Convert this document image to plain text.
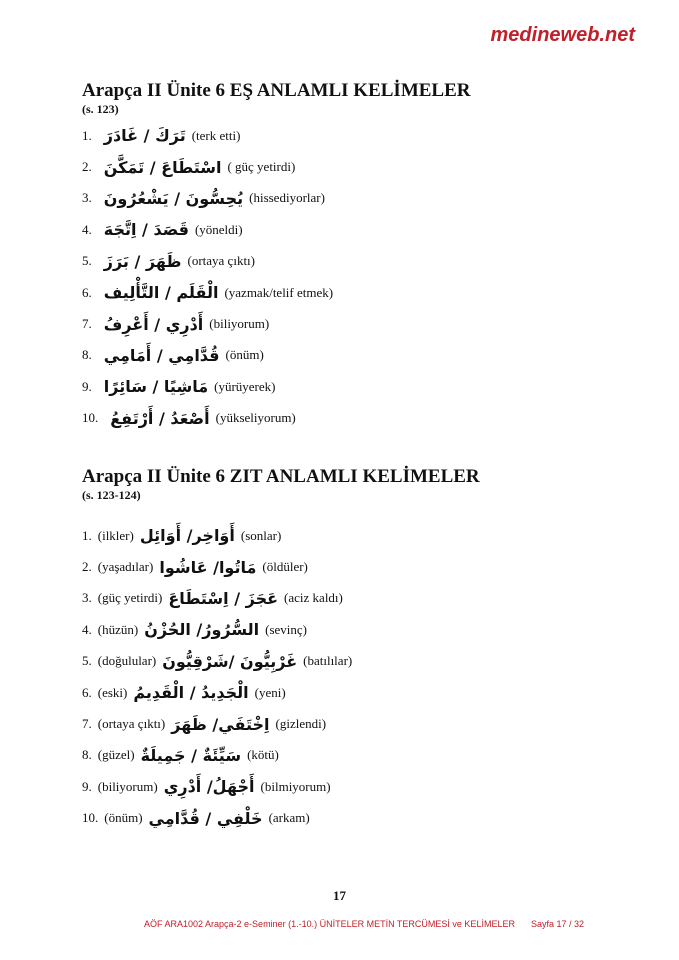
medineweb.net
Arapça II Ünite 6 EŞ ANLAMLI KELİMELER
(s. 123)
1. تَرَكَ / غَادَرَ (terk etti)
2. اسْتَطَاعَ / تَمَكَّنَ ( güç yetirdi)
3. يُحِسُّونَ / يَشْعُرُونَ (hissediyorlar)
4. قَصَدَ / اِتَّجَهَ (yöneldi)
5. ظَهَرَ / بَرَزَ (ortaya çıktı)
6. الْقَلَم / التَّأْلِيف (yazmak/telif etmek)
7. أَدْرِي / أَعْرِفُ (biliyorum)
8. قُدَّامِي / أَمَامِي (önüm)
9. مَاشِيًا / سَائِرًا (yürüyerek)
10. أَصْعَدُ / أَرْتَفِعُ (yükseliyorum)
Arapça II Ünite 6 ZIT ANLAMLI KELİMELER
(s. 123-124)
1. (ilkler) أَوَاخِر/ أَوَائِل (sonlar)
2. (yaşadılar) مَاتُوا/ عَاشُوا (öldüler)
3. (güç yetirdi) عَجَزَ / اِسْتَطَاعَ (aciz kaldı)
4. (hüzün) السُّرُورُ/ الحُزْنُ (sevinç)
5. (doğulular) غَرْبِيُّونَ /شَرْقِيُّونَ (batılılar)
6. (eski) الْجَدِيدُ / الْقَدِيمُ (yeni)
7. (ortaya çıktı) اِخْتَفَي/ ظَهَرَ (gizlendi)
8. (güzel) سَيِّئَةٌ / جَمِيلَةٌ (kötü)
9. (biliyorum) أَجْهَلُ/ أَدْرِي (bilmiyorum)
10. (önüm) خَلْفِي / قُدَّامِي (arkam)
17
AÖF ARA1002 Arapça-2 e-Seminer (1.-10.) ÜNİTELER METİN TERCÜMESİ ve KELİMELER Sayfa 17 / 32
